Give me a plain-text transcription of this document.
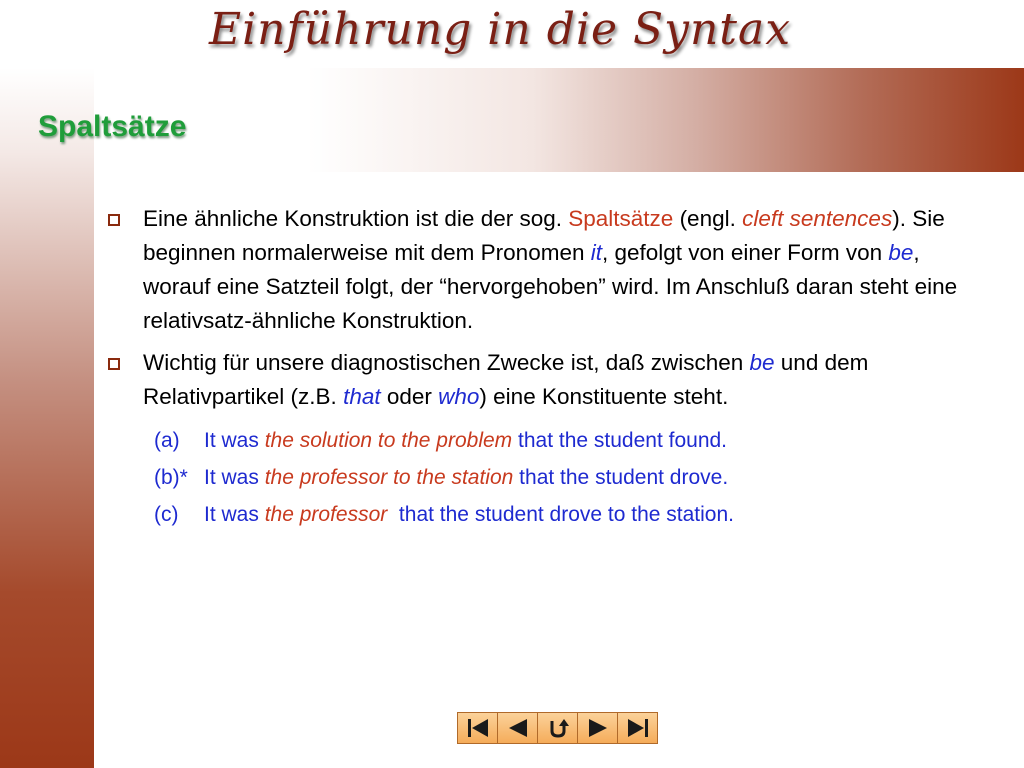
Einführung in die Syntax
Spaltsätze
Eine ähnliche Konstruktion ist die der sog. Spaltsätze (engl. cleft sentences). Sie beginnen normalerweise mit dem Pronomen it, gefolgt von einer Form von be, worauf eine Satzteil folgt, der “hervorgehoben” wird. Im Anschluß daran steht eine relativsatz-ähnliche Konstruktion.
Wichtig für unsere diagnostischen Zwecke ist, daß zwischen be und dem Relativpartikel (z.B. that oder who) eine Konstituente steht.
(a)	It was the solution to the problem that the student found.
(b)* It was the professor to the station that the student drove.
(c)	It was the professor  that the student drove to the station.
